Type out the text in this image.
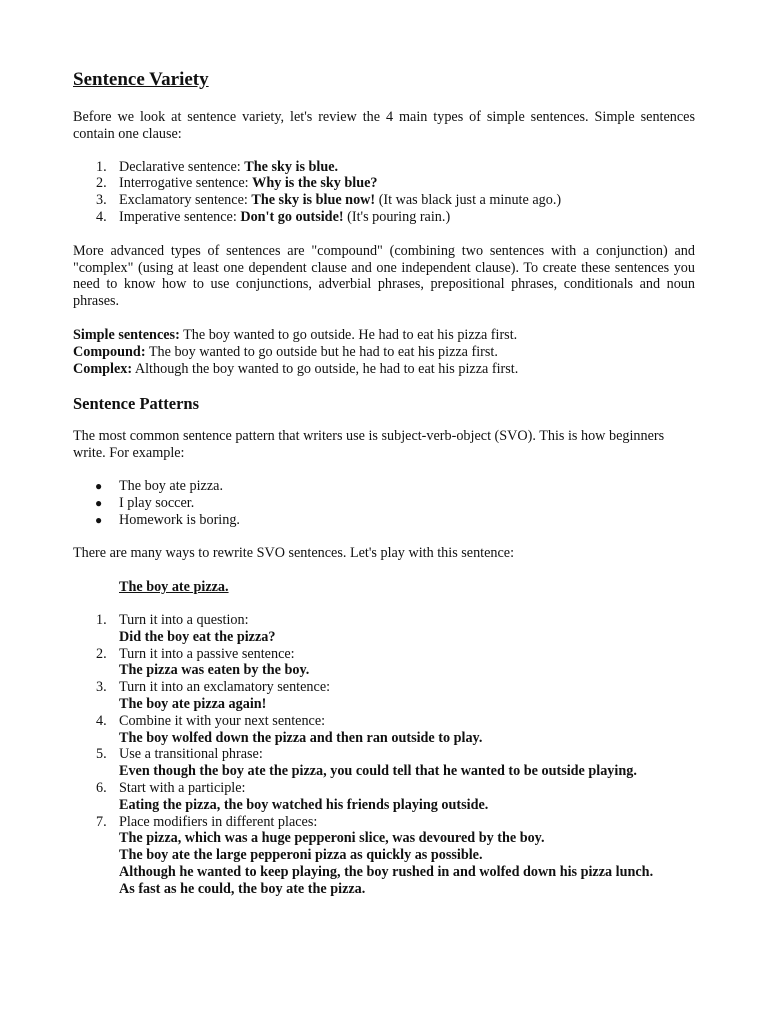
Sentence Variety

Before we look at sentence variety, let's review the 4 main types of simple sentences. Simple sentences contain one clause:

1. Declarative sentence: The sky is blue.
2. Interrogative sentence: Why is the sky blue?
3. Exclamatory sentence: The sky is blue now! (It was black just a minute ago.)
4. Imperative sentence: Don't go outside! (It's pouring rain.)

More advanced types of sentences are "compound" (combining two sentences with a conjunction) and "complex" (using at least one dependent clause and one independent clause). To create these sentences you need to know how to use conjunctions, adverbial phrases, prepositional phrases, conditionals and noun phrases.

Simple sentences: The boy wanted to go outside. He had to eat his pizza first.
Compound: The boy wanted to go outside but he had to eat his pizza first.
Complex: Although the boy wanted to go outside, he had to eat his pizza first.
Sentence Patterns

The most common sentence pattern that writers use is subject-verb-object (SVO). This is how beginners write. For example:

● The boy ate pizza.
● I play soccer.
● Homework is boring.

There are many ways to rewrite SVO sentences. Let's play with this sentence:

The boy ate pizza.

1. Turn it into a question:
Did the boy eat the pizza?
2. Turn it into a passive sentence:
The pizza was eaten by the boy.
3. Turn it into an exclamatory sentence:
The boy ate pizza again!
4. Combine it with your next sentence:
The boy wolfed down the pizza and then ran outside to play.
5. Use a transitional phrase:
Even though the boy ate the pizza, you could tell that he wanted to be outside playing.
6. Start with a participle:
Eating the pizza, the boy watched his friends playing outside.
7. Place modifiers in different places:
The pizza, which was a huge pepperoni slice, was devoured by the boy.
The boy ate the large pepperoni pizza as quickly as possible.
Although he wanted to keep playing, the boy rushed in and wolfed down his pizza lunch.
As fast as he could, the boy ate the pizza.
